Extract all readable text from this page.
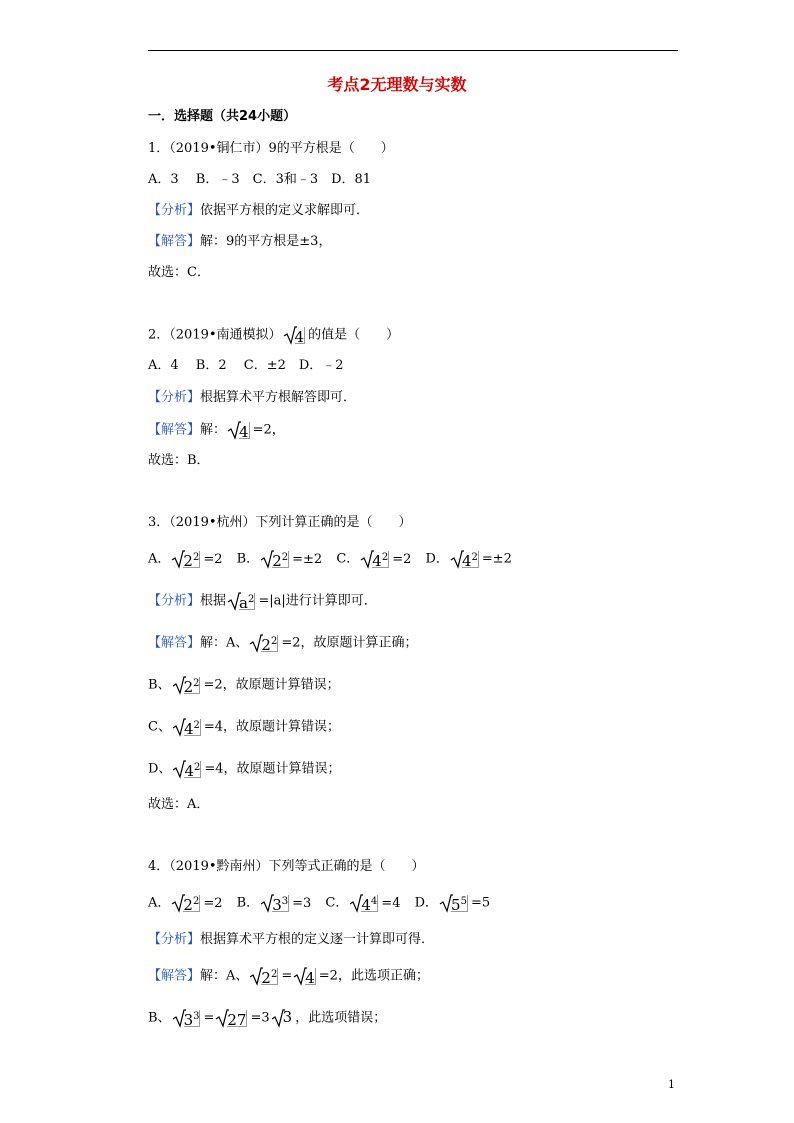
考点2无理数与实数
一．选择题（共24小题）
1．（2019•铜仁市）9的平方根是（　　）
A．3　 B．﹣3　C．3和﹣3　D．81
【分析】依据平方根的定义求解即可．
【解答】解：9的平方根是±3，
故选：C．
2．（2019•南通模拟） 4 的值是（　　）
A．4　 B．2　 C．±2　D．﹣2
【分析】根据算术平方根解答即可．
【解答】解： 4 =2，
故选：B．
3．（2019•杭州）下列计算正确的是（　　）
A． $2^2 =2$ B． $2^2 =\pm 2$ C． $4^2 =2$ D． $4^2 =\pm 2$
【分析】根据 $a^2 =|a|$进行计算即可．
【解答】解：A、 $2^2 =2$，故原题计算正确；
B、 $2^2 =2$，故原题计算错误；
C、 $4^2 =4$，故原题计算错误；
D、 $4^2 =4$，故原题计算错误；
故选：A．
4．（2019•黔南州）下列等式正确的是（　　）
A． $2^2 =2$ B． $3^3 =3$ C． $4^4 =4$ D． $5^5 =5$
【分析】根据算术平方根的定义逐一计算即可得．
【解答】解：A、 $2^2 = 4 =2$，此选项正确；
B、 $3^3 = 27 =3$ 3 ，此选项错误；
1
